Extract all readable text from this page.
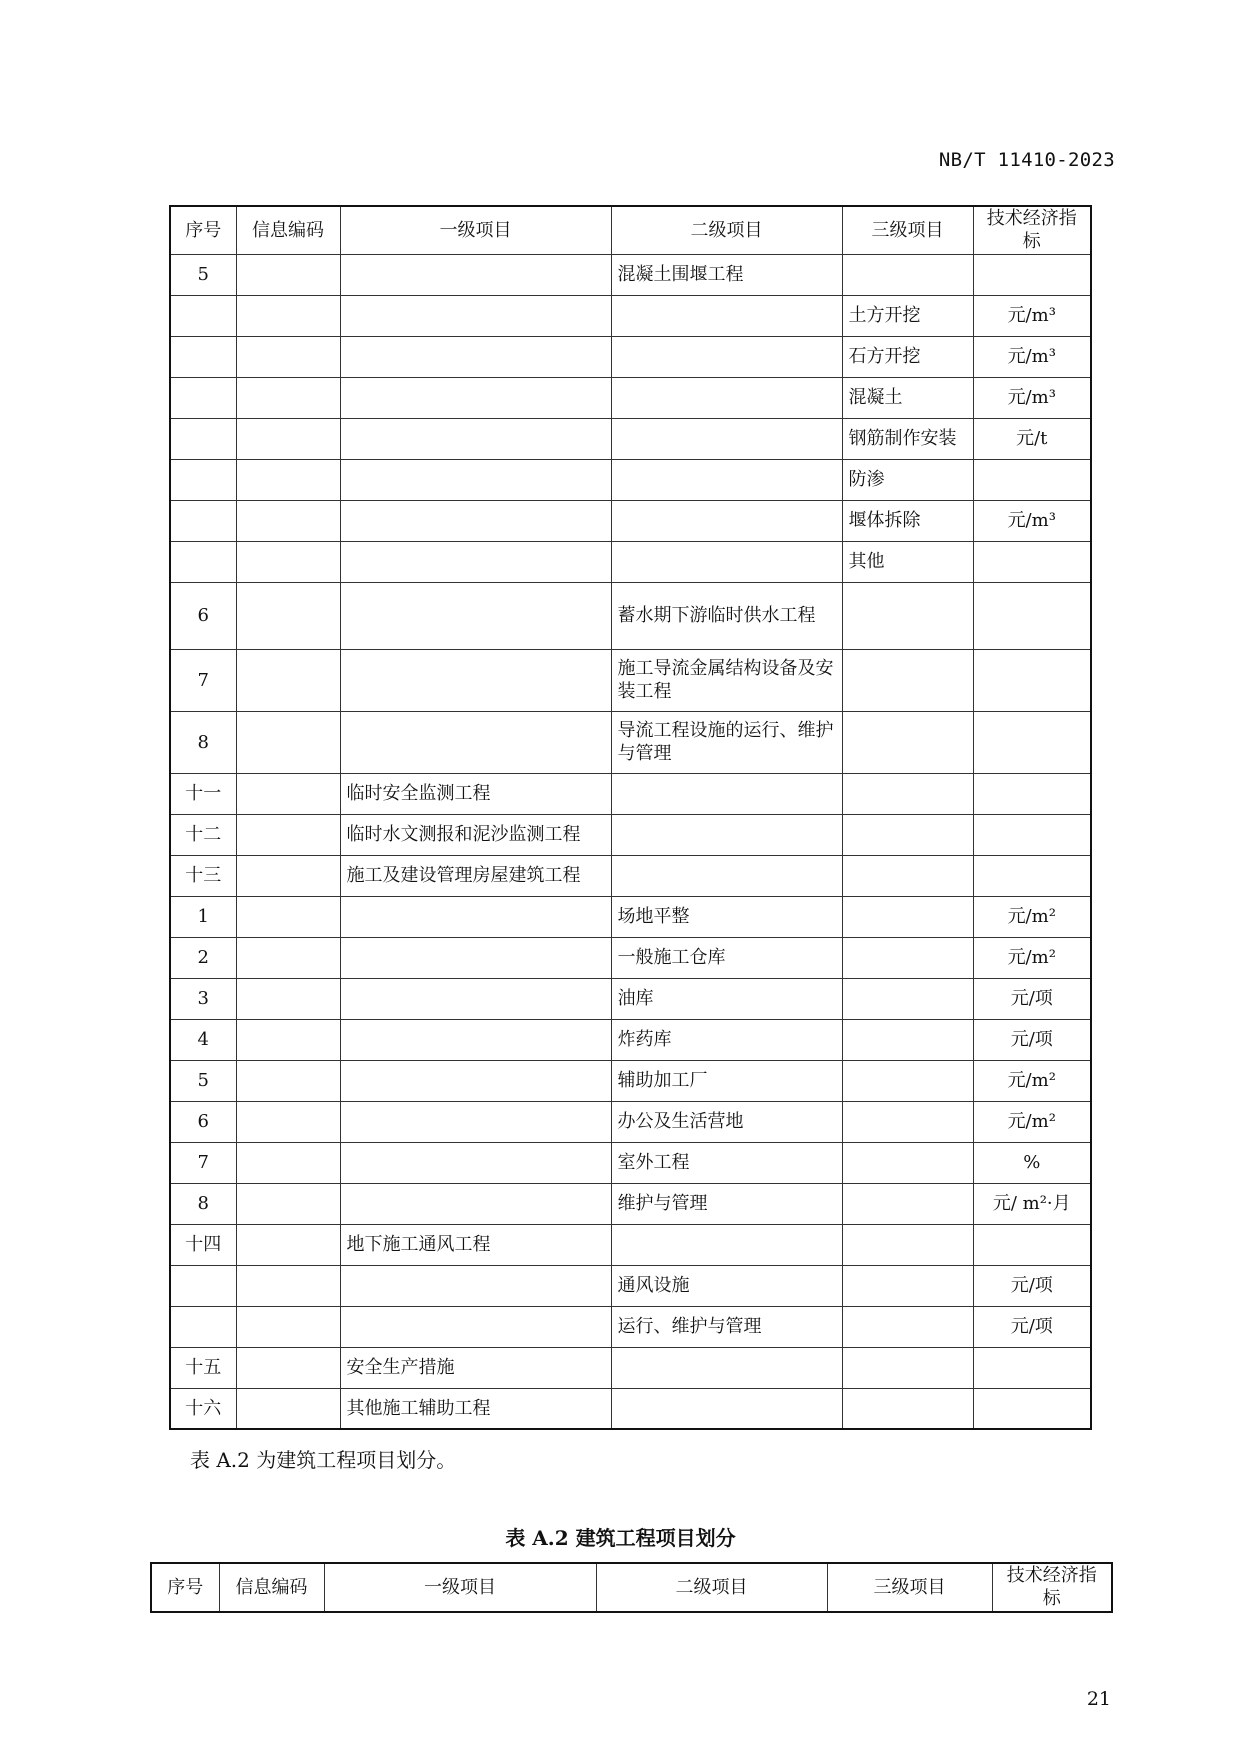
NB/T 11410-2023
序号	信息编码	一级项目	二级项目	三级项目	技术经济指标
5			混凝土围堰工程		
				土方开挖	元/m³
				石方开挖	元/m³
				混凝土	元/m³
				钢筋制作安装	元/t
				防渗	
				堰体拆除	元/m³
				其他	
6			蓄水期下游临时供水工程		
7			施工导流金属结构设备及安装工程		
8			导流工程设施的运行、维护与管理		
十一		临时安全监测工程			
十二		临时水文测报和泥沙监测工程			
十三		施工及建设管理房屋建筑工程			
1			场地平整		元/m²
2			一般施工仓库		元/m²
3			油库		元/项
4			炸药库		元/项
5			辅助加工厂		元/m²
6			办公及生活营地		元/m²
7			室外工程		%
8			维护与管理		元/ m²·月
十四		地下施工通风工程			
			通风设施		元/项
			运行、维护与管理		元/项
十五		安全生产措施			
十六		其他施工辅助工程			
表 A.2 为建筑工程项目划分。
表 A.2 建筑工程项目划分
序号	信息编码	一级项目	二级项目	三级项目	技术经济指标
21
